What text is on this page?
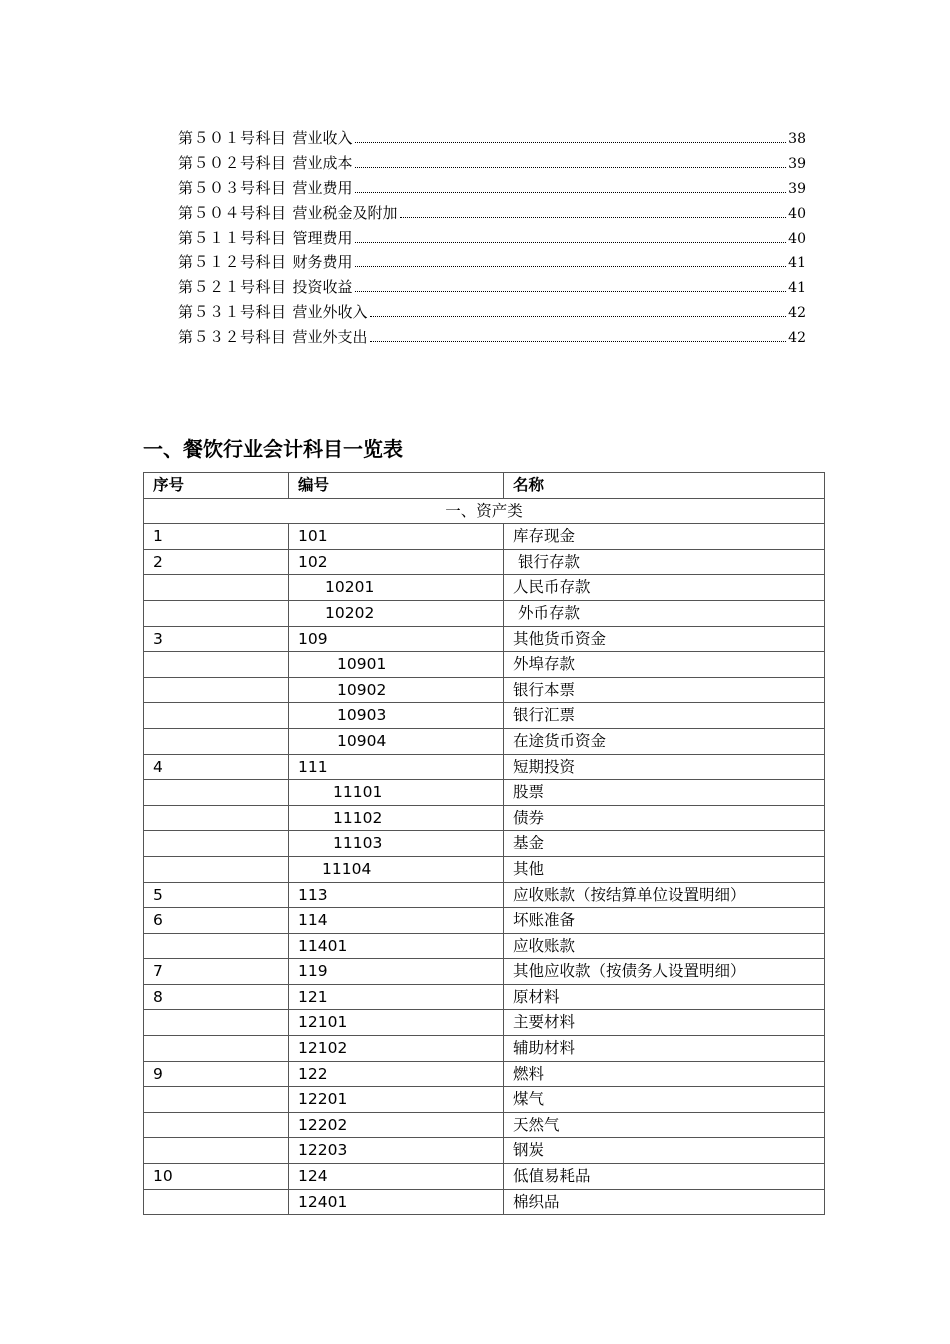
第５０１号科目 营业收入	38
第５０２号科目 营业成本	39
第５０３号科目 营业费用	39
第５０４号科目 营业税金及附加	40
第５１１号科目 管理费用	40
第５１２号科目 财务费用	41
第５２１号科目 投资收益	41
第５３１号科目 营业外收入	42
第５３２号科目 营业外支出	42
一、餐饮行业会计科目一览表
序号	编号	名称
一、资产类		
1	101	库存现金
2	102	银行存款
	10201	人民币存款
	10202	外币存款
3	109	其他货币资金
	10901	外埠存款
	10902	银行本票
	10903	银行汇票
	10904	在途货币资金
4	111	短期投资
	11101	股票
	11102	债券
	11103	基金
	11104	其他
5	113	应收账款（按结算单位设置明细）
6	114	坏账准备
	11401	应收账款
7	119	其他应收款（按债务人设置明细）
8	121	原材料
	12101	主要材料
	12102	辅助材料
9	122	燃料
	12201	煤气
	12202	天然气
	12203	钢炭
10	124	低值易耗品
	12401	棉织品
